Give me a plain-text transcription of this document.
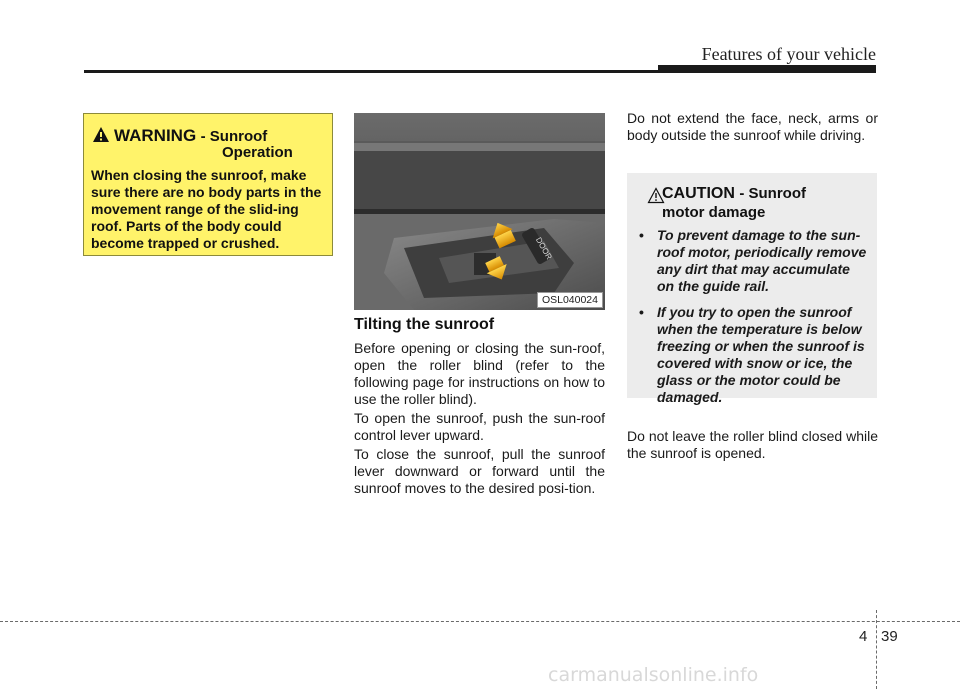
Features of your vehicle
WARNING - Sunroof
Operation
When closing the sunroof, make sure there are no body parts in the movement range of the slid-ing roof. Parts of the body could become trapped or crushed.	DOOR
OSL040024
Tilting the sunroof
Before opening or closing the sun-roof, open the roller blind (refer to the following page for instructions on how to use the roller blind).
To open the sunroof, push the sun-roof control lever upward.
To close the sunroof, pull the sunroof lever downward or forward until the sunroof moves to the desired posi-tion.
Do not extend the face, neck, arms or body outside the sunroof while driving.
CAUTION - Sunroof
motor damage
• To prevent damage to the sun-roof motor, periodically remove any dirt that may accumulate on the guide rail.
• If you try to open the sunroof when the temperature is below freezing or when the sunroof is covered with snow or ice, the glass or the motor could be damaged.
Do not leave the roller blind closed while the sunroof is opened.
4 39
carmanualsonline.info
